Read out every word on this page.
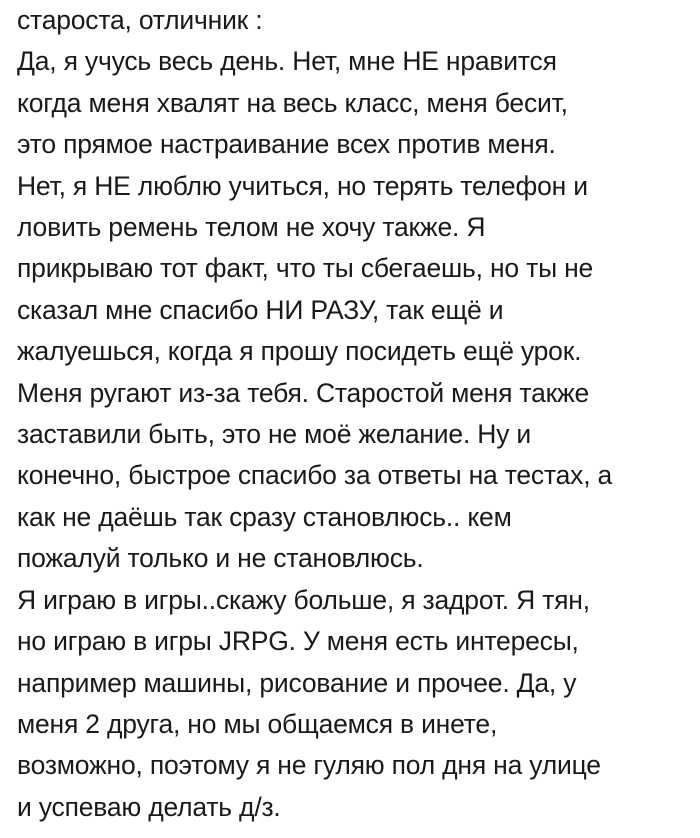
староста, отличник :
Да, я учусь весь день. Нет, мне НЕ нравится
когда меня хвалят на весь класс, меня бесит,
это прямое настраивание всех против меня.
Нет, я НЕ люблю учиться, но терять телефон и
ловить ремень телом не хочу также. Я
прикрываю тот факт, что ты сбегаешь, но ты не
сказал мне спасибо НИ РАЗУ, так ещё и
жалуешься, когда я прошу посидеть ещё урок.
Меня ругают из-за тебя. Старостой меня также
заставили быть, это не моё желание. Ну и
конечно, быстрое спасибо за ответы на тестах, а
как не даёшь так сразу становлюсь.. кем
пожалуй только и не становлюсь.
Я играю в игры..скажу больше, я задрот. Я тян,
но играю в игры JRPG. У меня есть интересы,
например машины, рисование и прочее. Да, у
меня 2 друга, но мы общаемся в инете,
возможно, поэтому я не гуляю пол дня на улице
и успеваю делать д/з.
